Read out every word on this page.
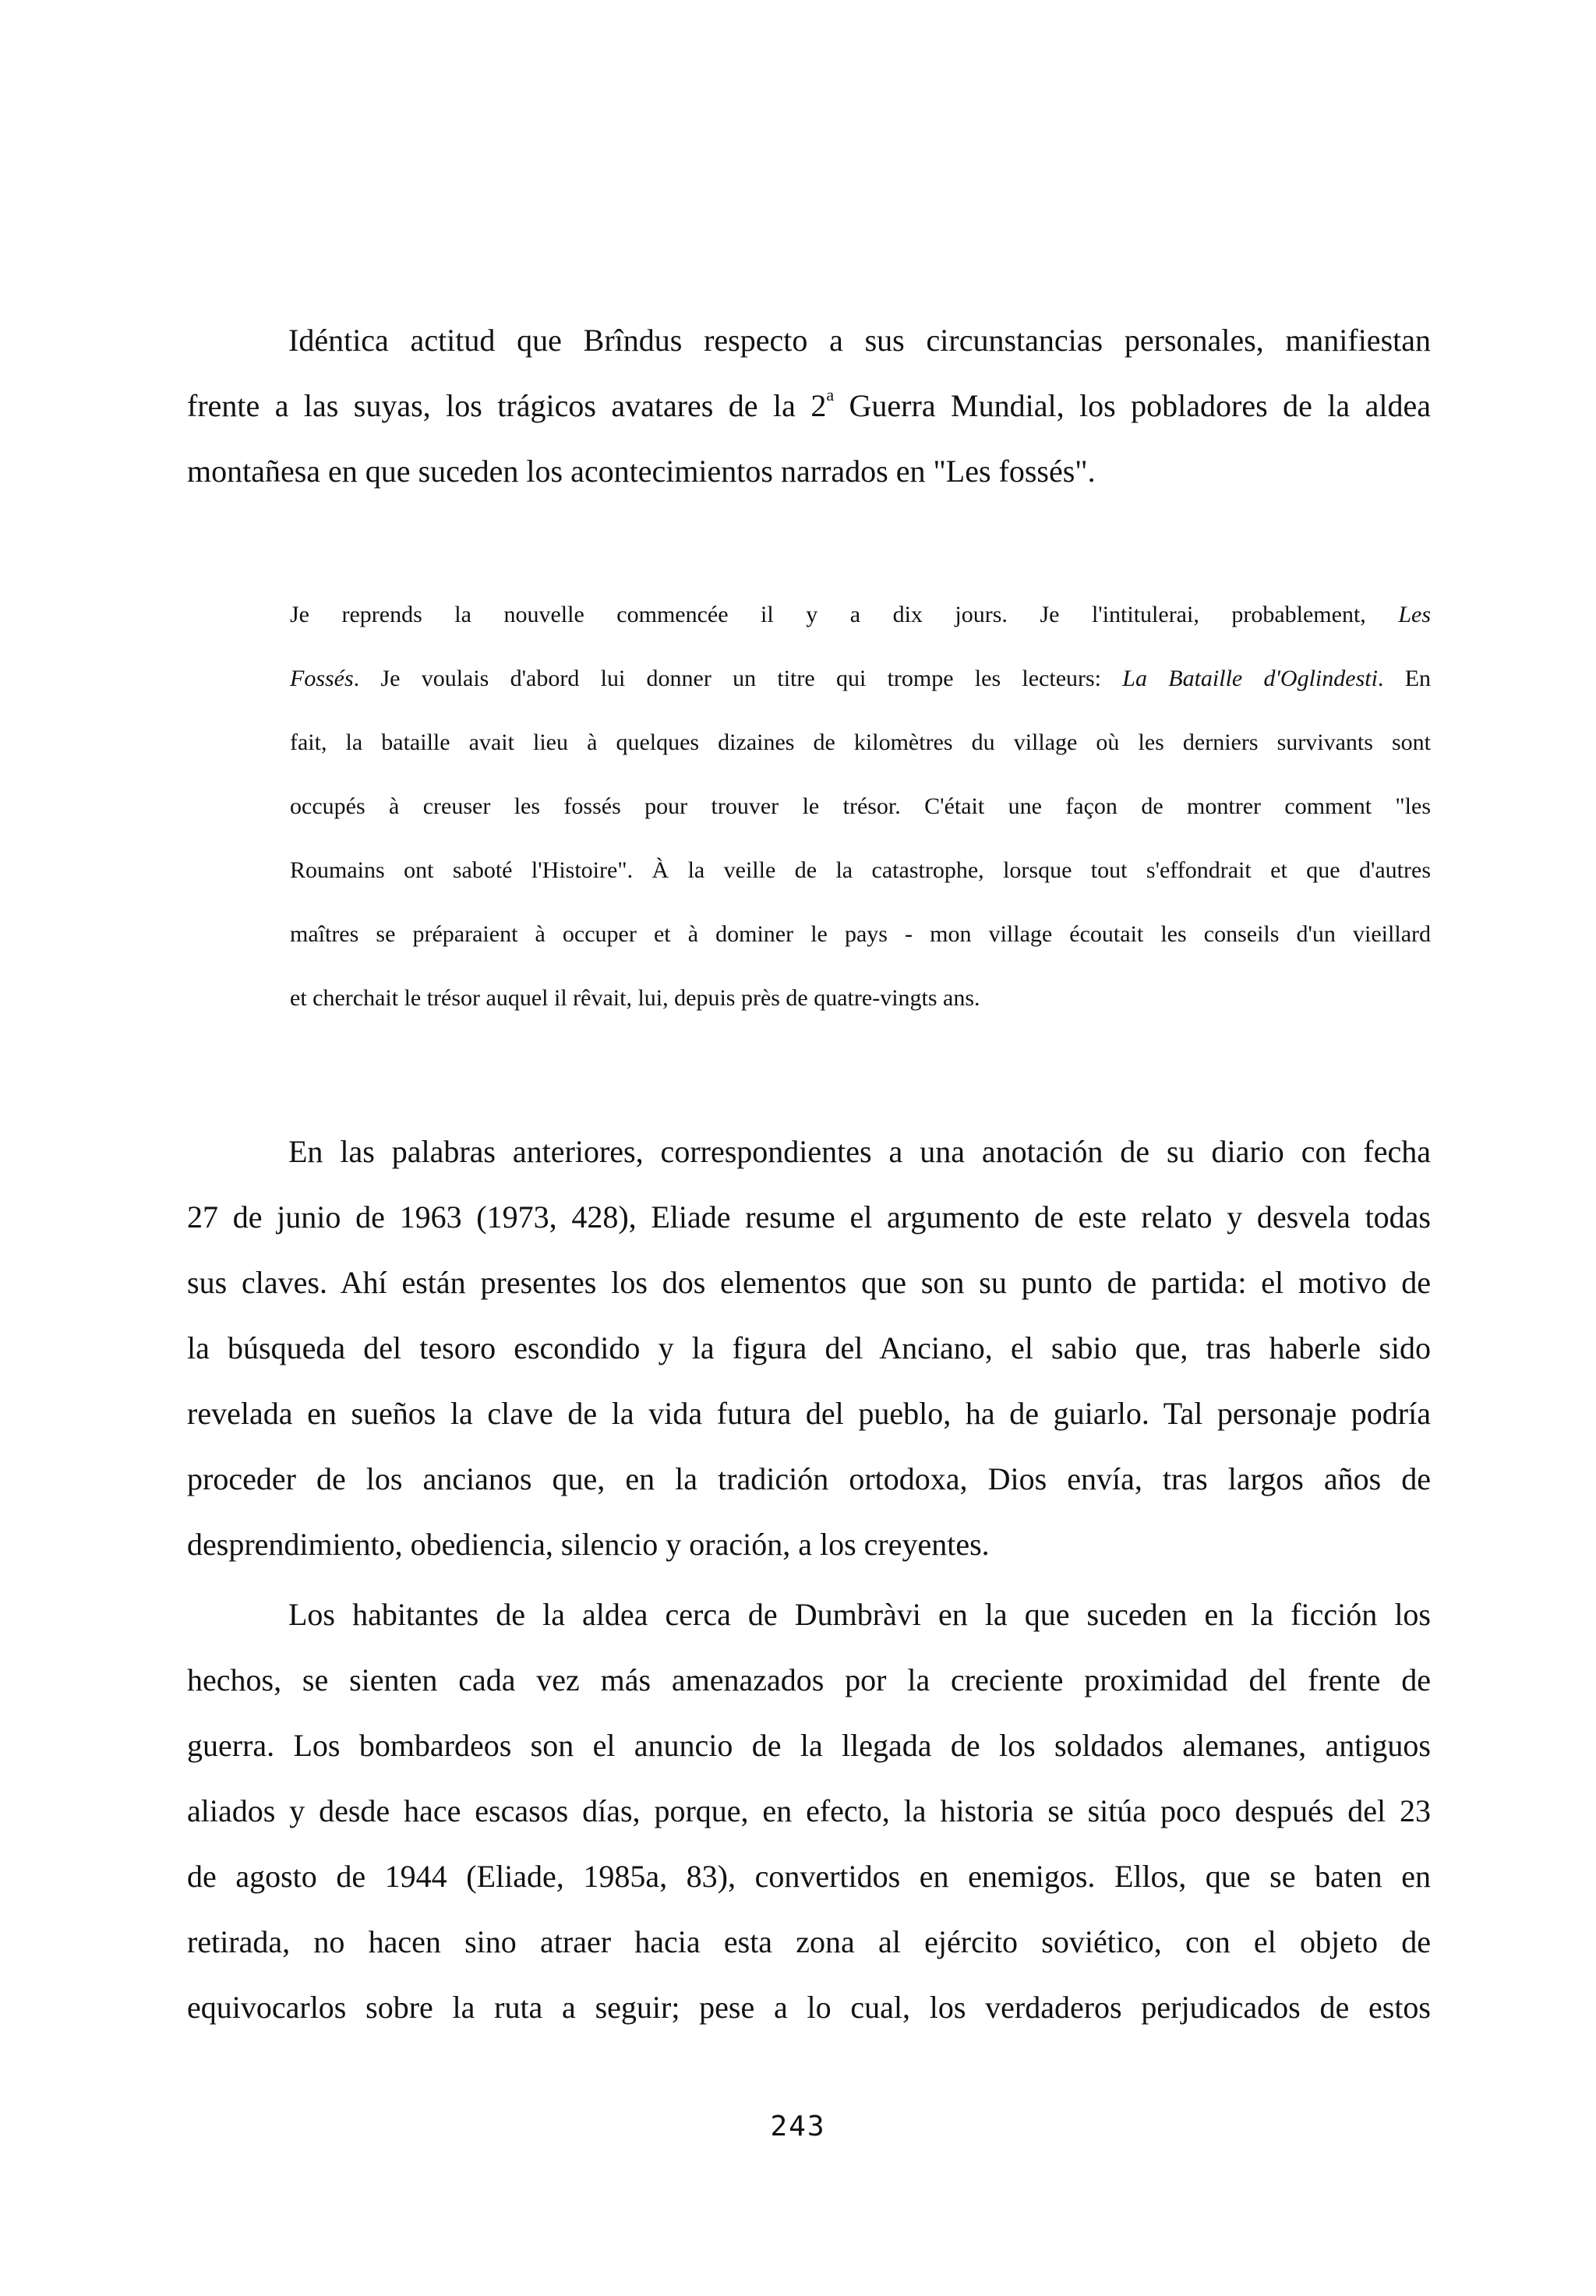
Idéntica actitud que Brîndus respecto a sus circunstancias personales, manifiestan
frente a las suyas, los trágicos avatares de la 2$^a$ Guerra Mundial, los pobladores de la aldea
montañesa en que suceden los acontecimientos narrados en "Les fossés".
Je reprends la nouvelle commencée il y a dix jours. Je l'intitulerai, probablement, Les
Fossés. Je voulais d'abord lui donner un titre qui trompe les lecteurs: La Bataille d'Oglindesti. En
fait, la bataille avait lieu à quelques dizaines de kilomètres du village où les derniers survivants sont
occupés à creuser les fossés pour trouver le trésor. C'était une façon de montrer comment "les
Roumains ont saboté l'Histoire". À la veille de la catastrophe, lorsque tout s'effondrait et que d'autres
maîtres se préparaient à occuper et à dominer le pays - mon village écoutait les conseils d'un vieillard
et cherchait le trésor auquel il rêvait, lui, depuis près de quatre-vingts ans.
En las palabras anteriores, correspondientes a una anotación de su diario con fecha
27 de junio de 1963 (1973, 428), Eliade resume el argumento de este relato y desvela todas
sus claves. Ahí están presentes los dos elementos que son su punto de partida: el motivo de
la búsqueda del tesoro escondido y la figura del Anciano, el sabio que, tras haberle sido
revelada en sueños la clave de la vida futura del pueblo, ha de guiarlo. Tal personaje podría
proceder de los ancianos que, en la tradición ortodoxa, Dios envía, tras largos años de
desprendimiento, obediencia, silencio y oración, a los creyentes.
Los habitantes de la aldea cerca de Dumbràvi en la que suceden en la ficción los
hechos, se sienten cada vez más amenazados por la creciente proximidad del frente de
guerra. Los bombardeos son el anuncio de la llegada de los soldados alemanes, antiguos
aliados y desde hace escasos días, porque, en efecto, la historia se sitúa poco después del 23
de agosto de 1944 (Eliade, 1985a, 83), convertidos en enemigos. Ellos, que se baten en
retirada, no hacen sino atraer hacia esta zona al ejército soviético, con el objeto de
equivocarlos sobre la ruta a seguir; pese a lo cual, los verdaderos perjudicados de estos
243
